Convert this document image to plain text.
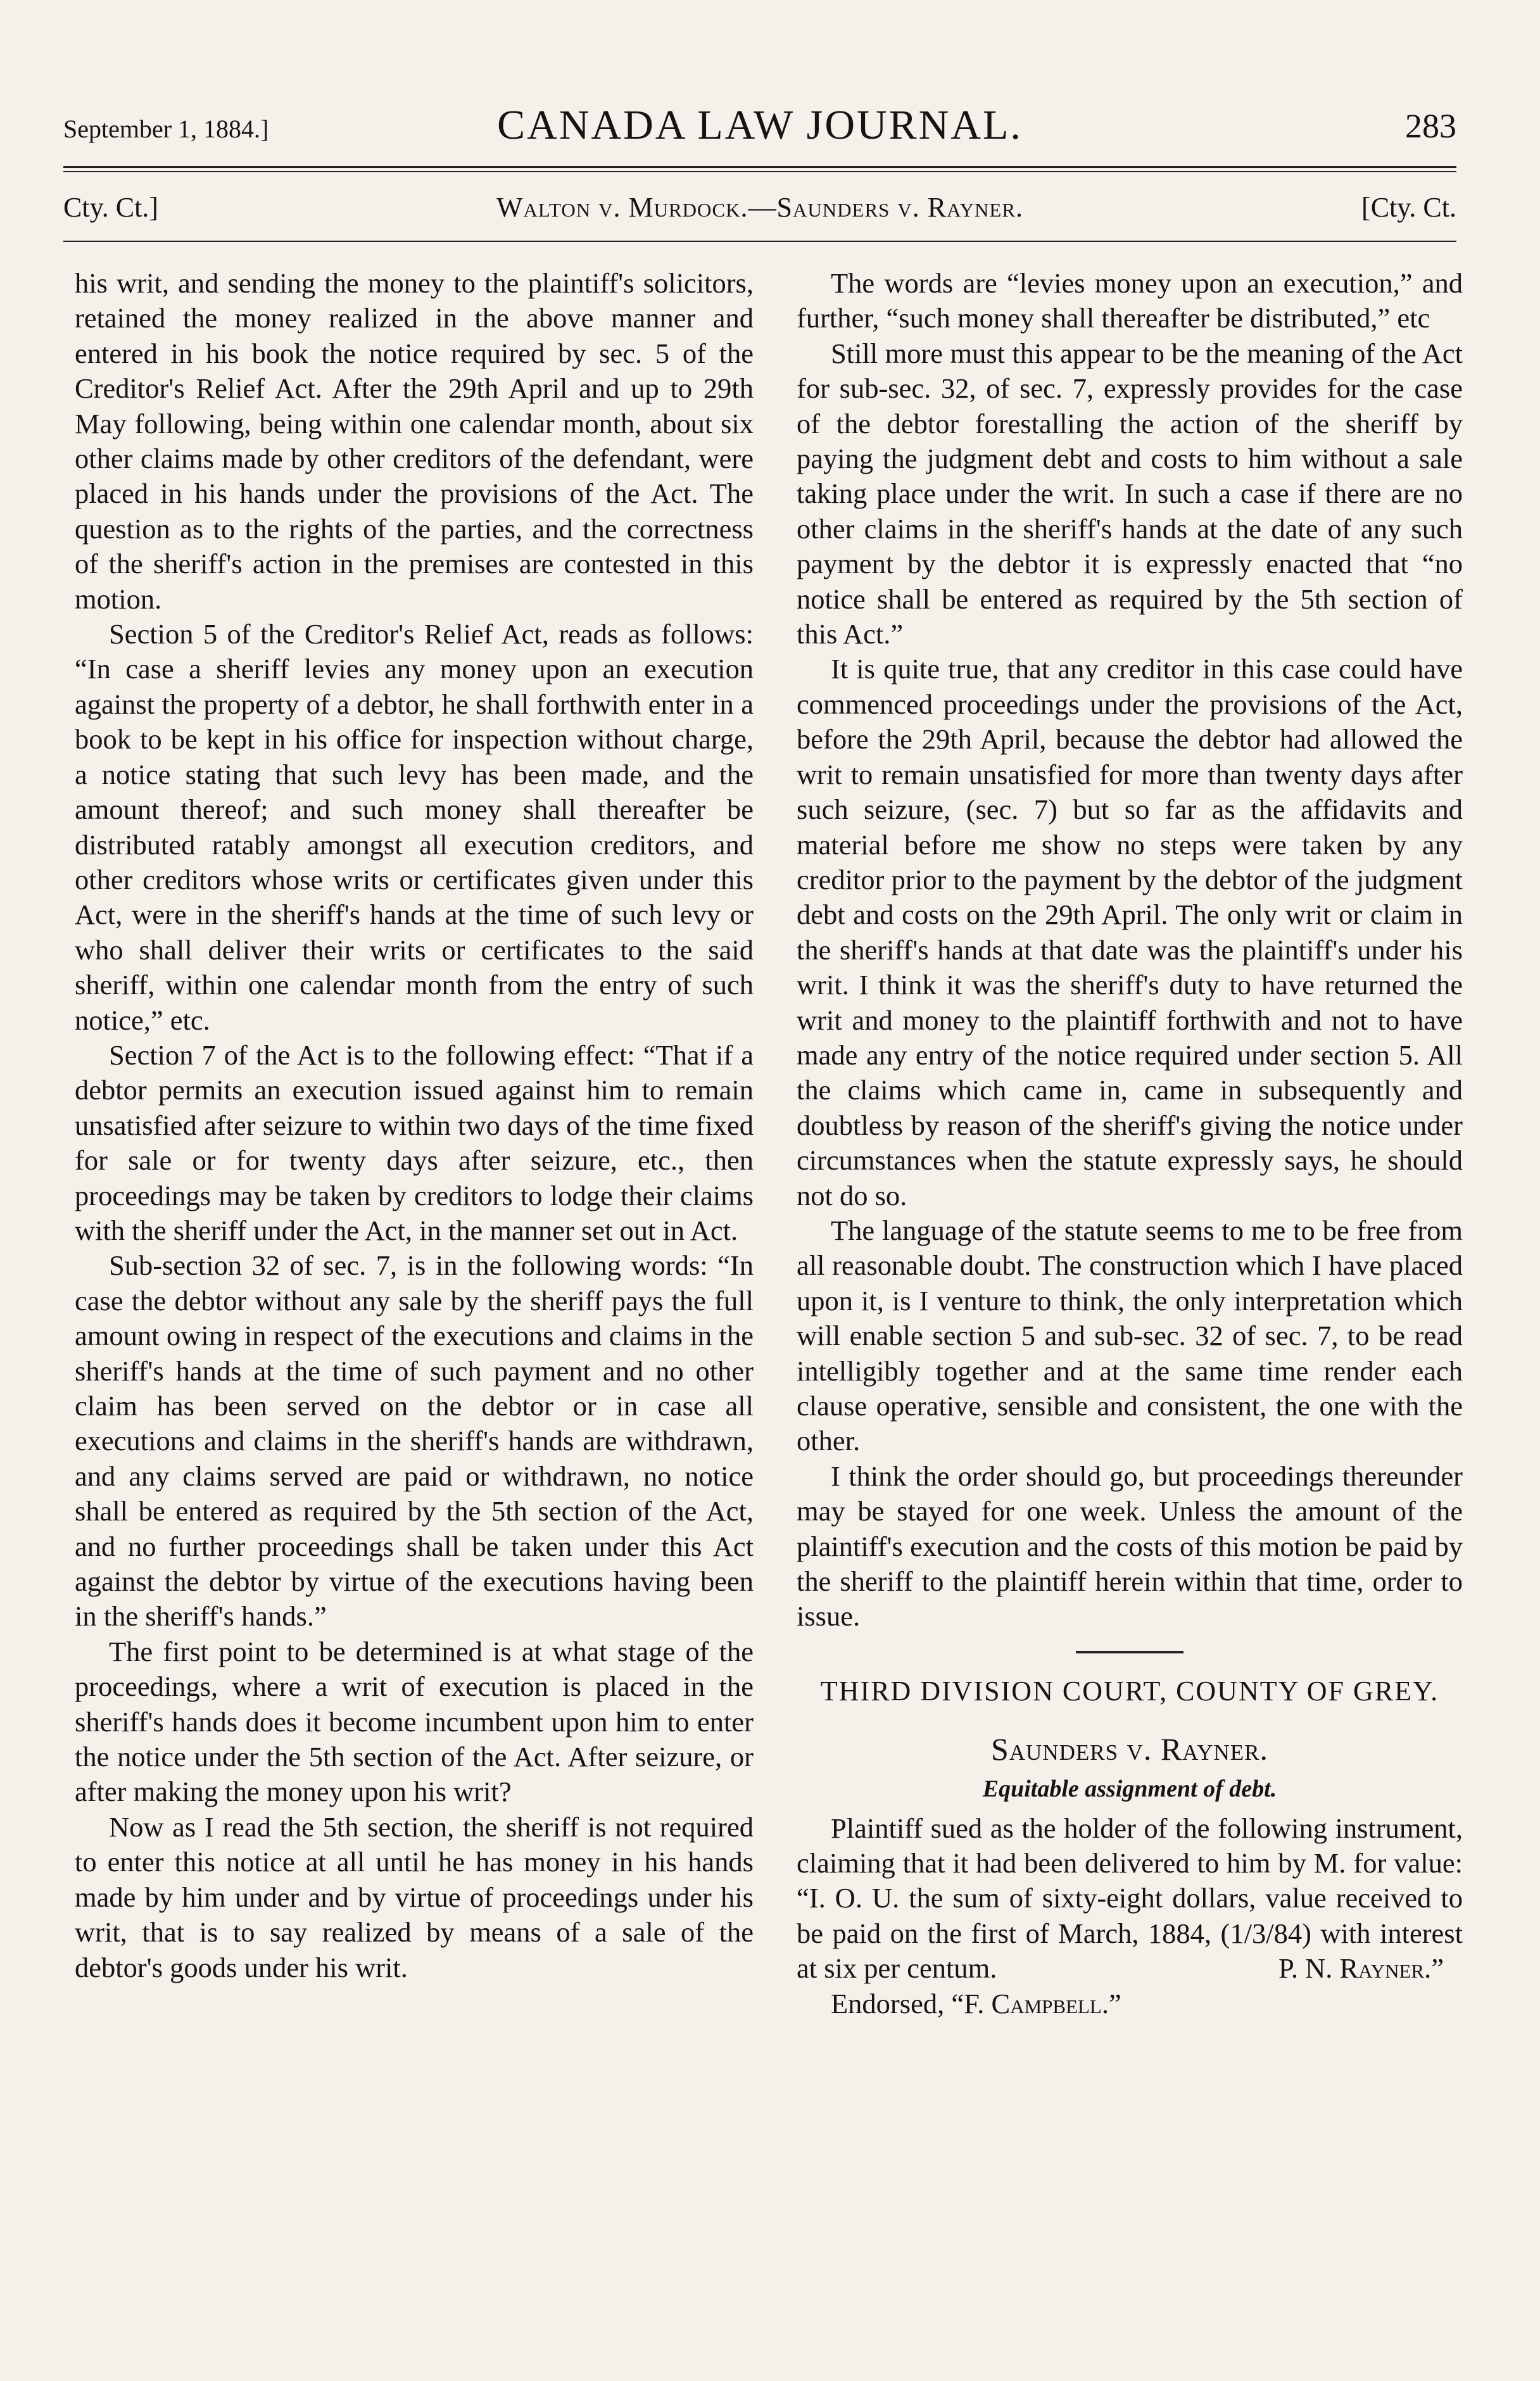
September 1, 1884.]	CANADA LAW JOURNAL.	283
Cty. Ct.]	Walton v. Murdock.—Saunders v. Rayner.	[Cty. Ct.

his writ, and sending the money to the plaintiff's solicitors, retained the money realized in the above manner and entered in his book the notice required by sec. 5 of the Creditor's Relief Act. After the 29th April and up to 29th May following, being within one calendar month, about six other claims made by other creditors of the defendant, were placed in his hands under the provisions of the Act. The question as to the rights of the parties, and the correctness of the sheriff's action in the premises are contested in this motion.

Section 5 of the Creditor's Relief Act, reads as follows: “In case a sheriff levies any money upon an execution against the property of a debtor, he shall forthwith enter in a book to be kept in his office for inspection without charge, a notice stating that such levy has been made, and the amount thereof; and such money shall thereafter be distributed ratably amongst all execution creditors, and other creditors whose writs or certificates given under this Act, were in the sheriff's hands at the time of such levy or who shall deliver their writs or certificates to the said sheriff, within one calendar month from the entry of such notice,” etc.

Section 7 of the Act is to the following effect: “That if a debtor permits an execution issued against him to remain unsatisfied after seizure to within two days of the time fixed for sale or for twenty days after seizure, etc., then proceedings may be taken by creditors to lodge their claims with the sheriff under the Act, in the manner set out in Act.

Sub-section 32 of sec. 7, is in the following words: “In case the debtor without any sale by the sheriff pays the full amount owing in respect of the executions and claims in the sheriff's hands at the time of such payment and no other claim has been served on the debtor or in case all executions and claims in the sheriff's hands are withdrawn, and any claims served are paid or withdrawn, no notice shall be entered as required by the 5th section of the Act, and no further proceedings shall be taken under this Act against the debtor by virtue of the executions having been in the sheriff's hands.”

The first point to be determined is at what stage of the proceedings, where a writ of execution is placed in the sheriff's hands does it become incumbent upon him to enter the notice under the 5th section of the Act. After seizure, or after making the money upon his writ?

Now as I read the 5th section, the sheriff is not required to enter this notice at all until he has money in his hands made by him under and by virtue of proceedings under his writ, that is to say realized by means of a sale of the debtor's goods under his writ.

The words are “levies money upon an execution,” and further, “such money shall thereafter be distributed,” etc

Still more must this appear to be the meaning of the Act for sub-sec. 32, of sec. 7, expressly provides for the case of the debtor forestalling the action of the sheriff by paying the judgment debt and costs to him without a sale taking place under the writ. In such a case if there are no other claims in the sheriff's hands at the date of any such payment by the debtor it is expressly enacted that “no notice shall be entered as required by the 5th section of this Act.”

It is quite true, that any creditor in this case could have commenced proceedings under the provisions of the Act, before the 29th April, because the debtor had allowed the writ to remain unsatisfied for more than twenty days after such seizure, (sec. 7) but so far as the affidavits and material before me show no steps were taken by any creditor prior to the payment by the debtor of the judgment debt and costs on the 29th April. The only writ or claim in the sheriff's hands at that date was the plaintiff's under his writ. I think it was the sheriff's duty to have returned the writ and money to the plaintiff forthwith and not to have made any entry of the notice required under section 5. All the claims which came in, came in subsequently and doubtless by reason of the sheriff's giving the notice under circumstances when the statute expressly says, he should not do so.

The language of the statute seems to me to be free from all reasonable doubt. The construction which I have placed upon it, is I venture to think, the only interpretation which will enable section 5 and sub-sec. 32 of sec. 7, to be read intelligibly together and at the same time render each clause operative, sensible and consistent, the one with the other.

I think the order should go, but proceedings thereunder may be stayed for one week. Unless the amount of the plaintiff's execution and the costs of this motion be paid by the sheriff to the plaintiff herein within that time, order to issue.

THIRD DIVISION COURT, COUNTY OF GREY.
Saunders v. Rayner.
Equitable assignment of debt.

Plaintiff sued as the holder of the following instrument, claiming that it had been delivered to him by M. for value: “I. O. U. the sum of sixty-eight dollars, value received to be paid on the first of March, 1884, (1/3/84) with interest at six per centum.	P. N. Rayner.”

Endorsed, “F. Campbell.”
